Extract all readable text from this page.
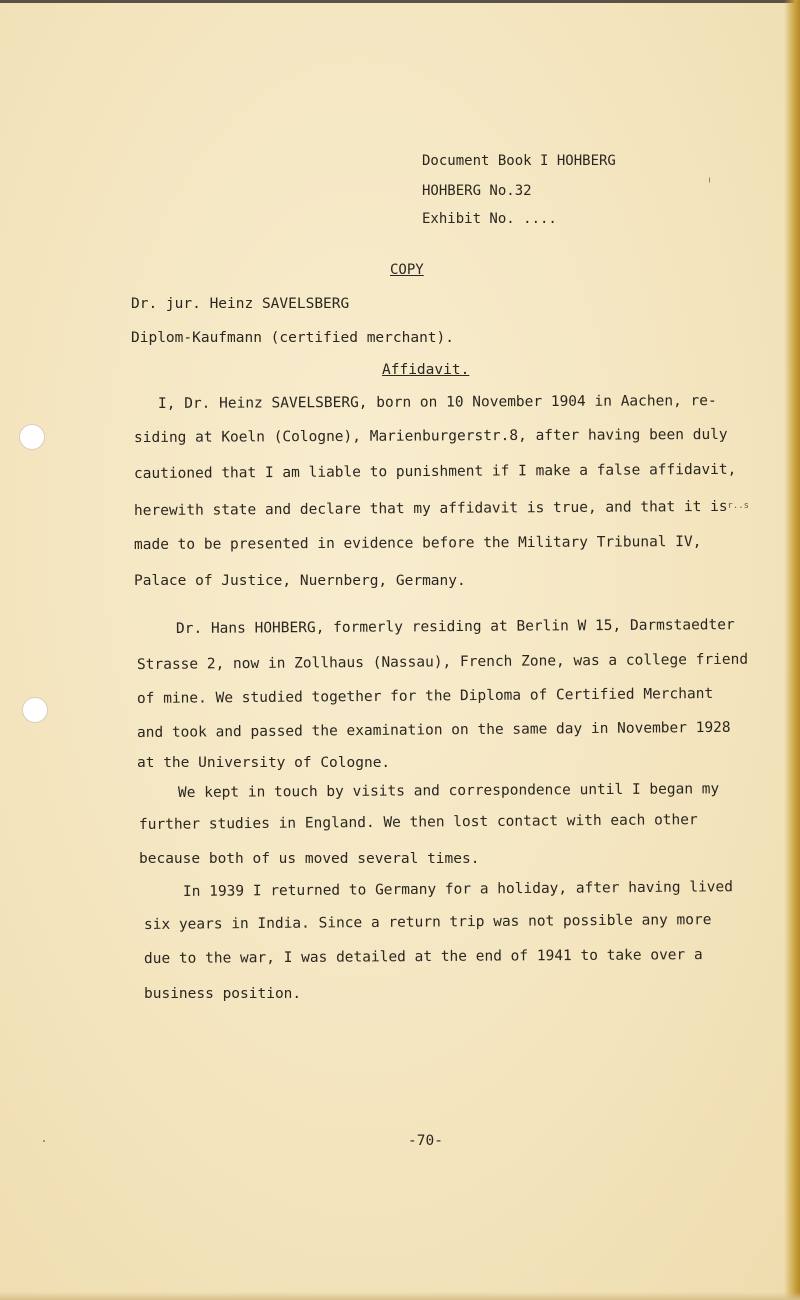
Document Book I HOHBERG
HOHBERG No.32
Exhibit No. ....
COPY
Dr. jur. Heinz SAVELSBERG
Diplom-Kaufmann (certified merchant).
Affidavit.
I, Dr. Heinz SAVELSBERG, born on 10 November 1904 in Aachen, re-
siding at Koeln (Cologne), Marienburgerstr.8, after having been duly
cautioned that I am liable to punishment if I make a false affidavit,
herewith state and declare that my affidavit is true, and that it is
.r..s
made to be presented in evidence before the Military Tribunal IV,
Palace of Justice, Nuernberg, Germany.
Dr. Hans HOHBERG, formerly residing at Berlin W 15, Darmstaedter
Strasse 2, now in Zollhaus (Nassau), French Zone, was a college friend
of mine. We studied together for the Diploma of Certified Merchant
and took and passed the examination on the same day in November 1928
at the University of Cologne.
We kept in touch by visits and correspondence until I began my
further studies in England. We then lost contact with each other
because both of us moved several times.
In 1939 I returned to Germany for a holiday, after having lived
six years in India. Since a return trip was not possible any more
due to the war, I was detailed at the end of 1941 to take over a
business position.
-70-
